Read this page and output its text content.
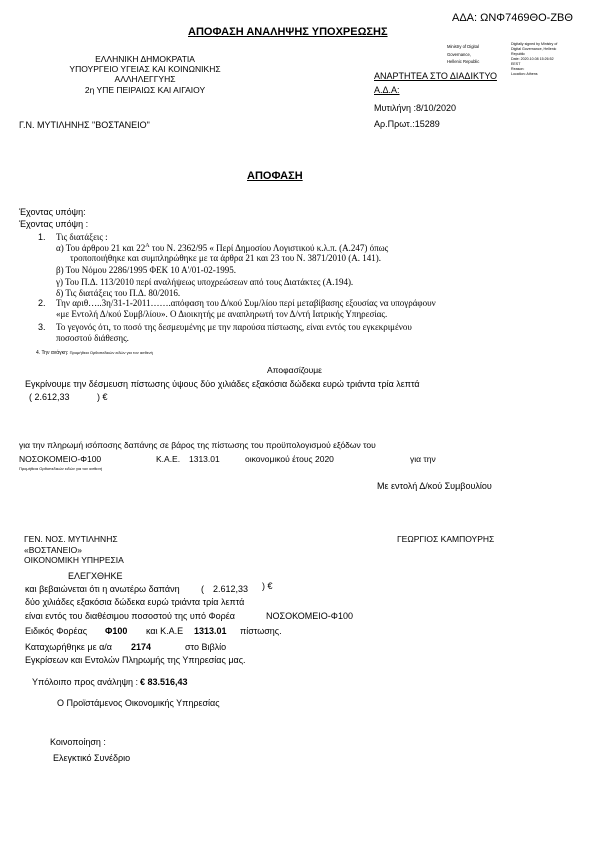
ΑΔΑ: ΩΝΦ7469ΘΟ-ΖΒΘ
ΑΠΟΦΑΣΗ ΑΝΑΛΗΨΗΣ ΥΠΟΧΡΕΩΣΗΣ
ΕΛΛΗΝΙΚΗ ΔΗΜΟΚΡΑΤΙΑ
ΥΠΟΥΡΓΕΙΟ ΥΓΕΙΑΣ ΚΑΙ ΚΟΙΝΩΝΙΚΗΣ
ΑΛΛΗΛΕΓΓΥΗΣ
2η ΥΠΕ ΠΕΙΡΑΙΩΣ ΚΑΙ ΑΙΓΑΙΟΥ
Ministry of Digital
Governance,
Hellenic Republic
Digitally signed by Ministry of
Digital Governance, Hellenic
Republic
Date: 2020.10.08 15:26:52
EEST
Reason:
Location: Athens
ΑΝΑΡΤΗΤΕΑ ΣΤΟ ΔΙΑΔΙΚΤΥΟ
Α.Δ.Α:
Μυτιλήνη :8/10/2020
Αρ.Πρωτ.:15289
Γ.Ν. ΜΥΤΙΛΗΝΗΣ "ΒΟΣΤΑΝΕΙΟ"
ΑΠΟΦΑΣΗ
Έχοντας υπόψη:
Έχοντας υπόψη :
1. Τις διατάξεις :
α) Του άρθρου 21 και $22^A$ του Ν. 2362/95 « Περί Δημοσίου Λογιστικού κ.λ.π. (Α.247) όπως
τροποποιήθηκε και συμπληρώθηκε με τα άρθρα 21 και 23 του Ν. 3871/2010 (Α. 141).
β) Του Νόμου 2286/1995 ΦΕΚ 10 Α'/01-02-1995.
γ) Του Π.Δ. 113/2010 περί αναλήψεως υποχρεώσεων από τους Διατάκτες (Α.194).
δ) Τις διατάξεις του Π.Δ. 80/2016.
2. Την αριθ…..3η/31-1-2011…….απόφαση του Δ/κού Συμ/λίου περί μεταβίβασης εξουσίας να υπογράφουν
«με Εντολή Δ/κού Συμβ/λίου». Ο Διοικητής με αναπληρωτή τον Δ/ντή Ιατρικής Υπηρεσίας.
3. Το γεγονός ότι, το ποσό της δεσμευμένης με την παρούσα πίστωσης, είναι εντός του εγκεκριμένου
ποσοστού διάθεσης.
4. Την ανάγκη: Προμήθεια Ορθοπεδικών ειδών για τον ασθενή
Αποφασίζουμε
Εγκρίνουμε την δέσμευση πίστωσης ύψους δύο χιλιάδες εξακόσια δώδεκα ευρώ τριάντα τρία λεπτά
( 2.612,33	) €
για την πληρωμή ισόποσης δαπάνης σε βάρος της πίστωσης του προϋπολογισμού εξόδων του
ΝΟΣΟΚΟΜΕΙΟ-Φ100	Κ.Α.Ε. 1313.01	οικονομικού έτους 2020	για την
Προμήθεια Ορθοπεδικών ειδών για τον ασθενή
Με εντολή Δ/κού Συμβουλίου
ΓΕΝ. ΝΟΣ. ΜΥΤΙΛΗΝΗΣ
«ΒΟΣΤΑΝΕΙΟ»
ΟΙΚΟΝΟΜΙΚΗ ΥΠΗΡΕΣΙΑ
ΓΕΩΡΓΙΟΣ ΚΑΜΠΟΥΡΗΣ
ΕΛΕΓΧΘΗΚΕ
και βεβαιώνεται ότι η ανωτέρω δαπάνη ( 2.612,33 ) €
δύο χιλιάδες εξακόσια δώδεκα ευρώ τριάντα τρία λεπτά
είναι εντός του διαθέσιμου ποσοστού της υπό Φορέα	ΝΟΣΟΚΟΜΕΙΟ-Φ100
Ειδικός Φορέας Φ100 και Κ.Α.Ε 1313.01 πίστωσης.
Καταχωρήθηκε με α/α 2174	στο Βιβλίο
Εγκρίσεων και Εντολών Πληρωμής της Υπηρεσίας μας.
Υπόλοιπο προς ανάληψη : € 83.516,43
Ο Προϊστάμενος Οικονομικής Υπηρεσίας
Κοινοποίηση :
Ελεγκτικό Συνέδριο
